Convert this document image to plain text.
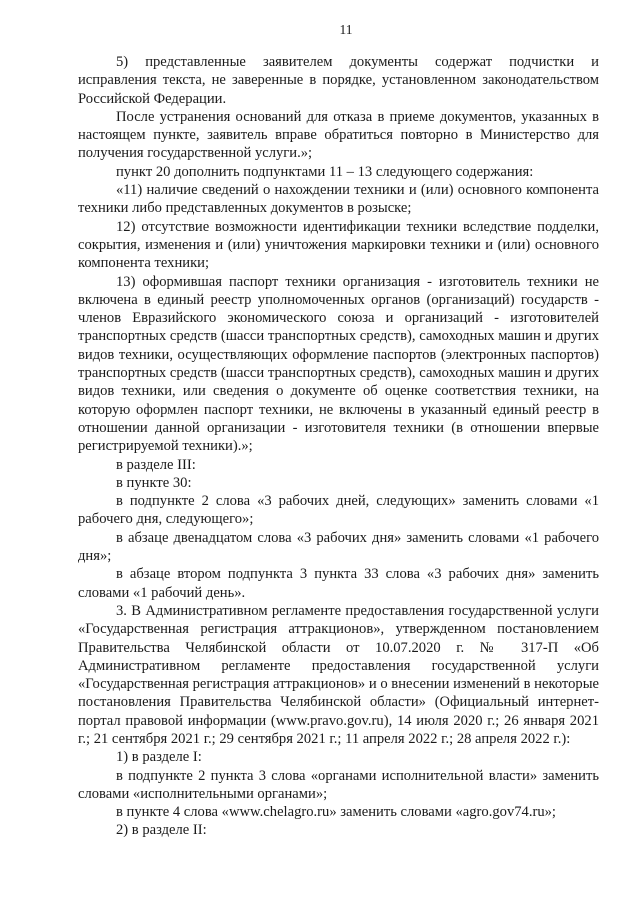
11

5) представленные заявителем документы содержат подчистки и исправления текста, не заверенные в порядке, установленном законодательством Российской Федерации.

После устранения оснований для отказа в приеме документов, указанных в настоящем пункте, заявитель вправе обратиться повторно в Министерство для получения государственной услуги.»;

пункт 20 дополнить подпунктами 11 – 13 следующего содержания:

«11) наличие сведений о нахождении техники и (или) основного компонента техники либо представленных документов в розыске;

12) отсутствие возможности идентификации техники вследствие подделки, сокрытия, изменения и (или) уничтожения маркировки техники и (или) основного компонента техники;

13) оформившая паспорт техники организация - изготовитель техники не включена в единый реестр уполномоченных органов (организаций) государств - членов Евразийского экономического союза и организаций - изготовителей транспортных средств (шасси транспортных средств), самоходных машин и других видов техники, осуществляющих оформление паспортов (электронных паспортов) транспортных средств (шасси транспортных средств), самоходных машин и других видов техники, или сведения о документе об оценке соответствия техники, на которую оформлен паспорт техники, не включены в указанный единый реестр в отношении данной организации - изготовителя техники (в отношении впервые регистрируемой техники).»;

в разделе III:

в пункте 30:

в подпункте 2 слова «3 рабочих дней, следующих» заменить словами «1 рабочего дня, следующего»;

в абзаце двенадцатом слова «3 рабочих дня» заменить словами «1 рабочего дня»;

в абзаце втором подпункта 3 пункта 33 слова «3 рабочих дня» заменить словами «1 рабочий день».

3. В Административном регламенте предоставления государственной услуги «Государственная регистрация аттракционов», утвержденном постановлением Правительства Челябинской области от 10.07.2020 г. № 317-П «Об Административном регламенте предоставления государственной услуги «Государственная регистрация аттракционов» и о внесении изменений в некоторые постановления Правительства Челябинской области» (Официальный интернет-портал правовой информации (www.pravo.gov.ru), 14 июля 2020 г.; 26 января 2021 г.; 21 сентября 2021 г.; 29 сентября 2021 г.; 11 апреля 2022 г.; 28 апреля 2022 г.):

1) в разделе I:

в подпункте 2 пункта 3 слова «органами исполнительной власти» заменить словами «исполнительными органами»;

в пункте 4 слова «www.chelagro.ru» заменить словами «agro.gov74.ru»;

2) в разделе II:
